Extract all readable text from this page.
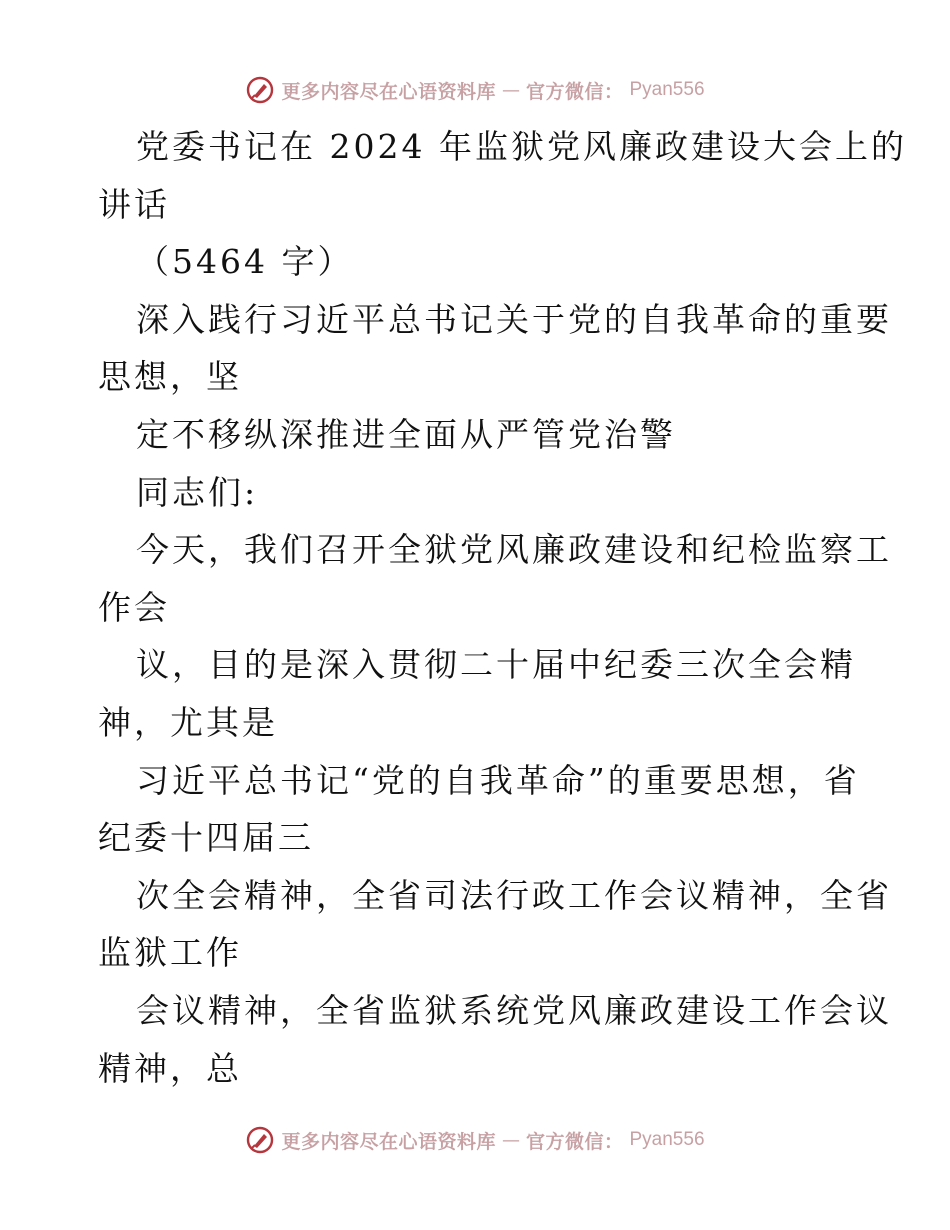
更多内容尽在心语资料库 — 官方微信： Pyan556
党委书记在 2024 年监狱党风廉政建设大会上的
讲话
（5464 字）
深入践行习近平总书记关于党的自我革命的重要
思想，坚
定不移纵深推进全面从严管党治警
同志们:
今天，我们召开全狱党风廉政建设和纪检监察工
作会
议，目的是深入贯彻二十届中纪委三次全会精
神，尤其是
习近平总书记“党的自我革命”的重要思想，省
纪委十四届三
次全会精神，全省司法行政工作会议精神，全省
监狱工作
会议精神，全省监狱系统党风廉政建设工作会议
精神，总
更多内容尽在心语资料库 — 官方微信： Pyan556
